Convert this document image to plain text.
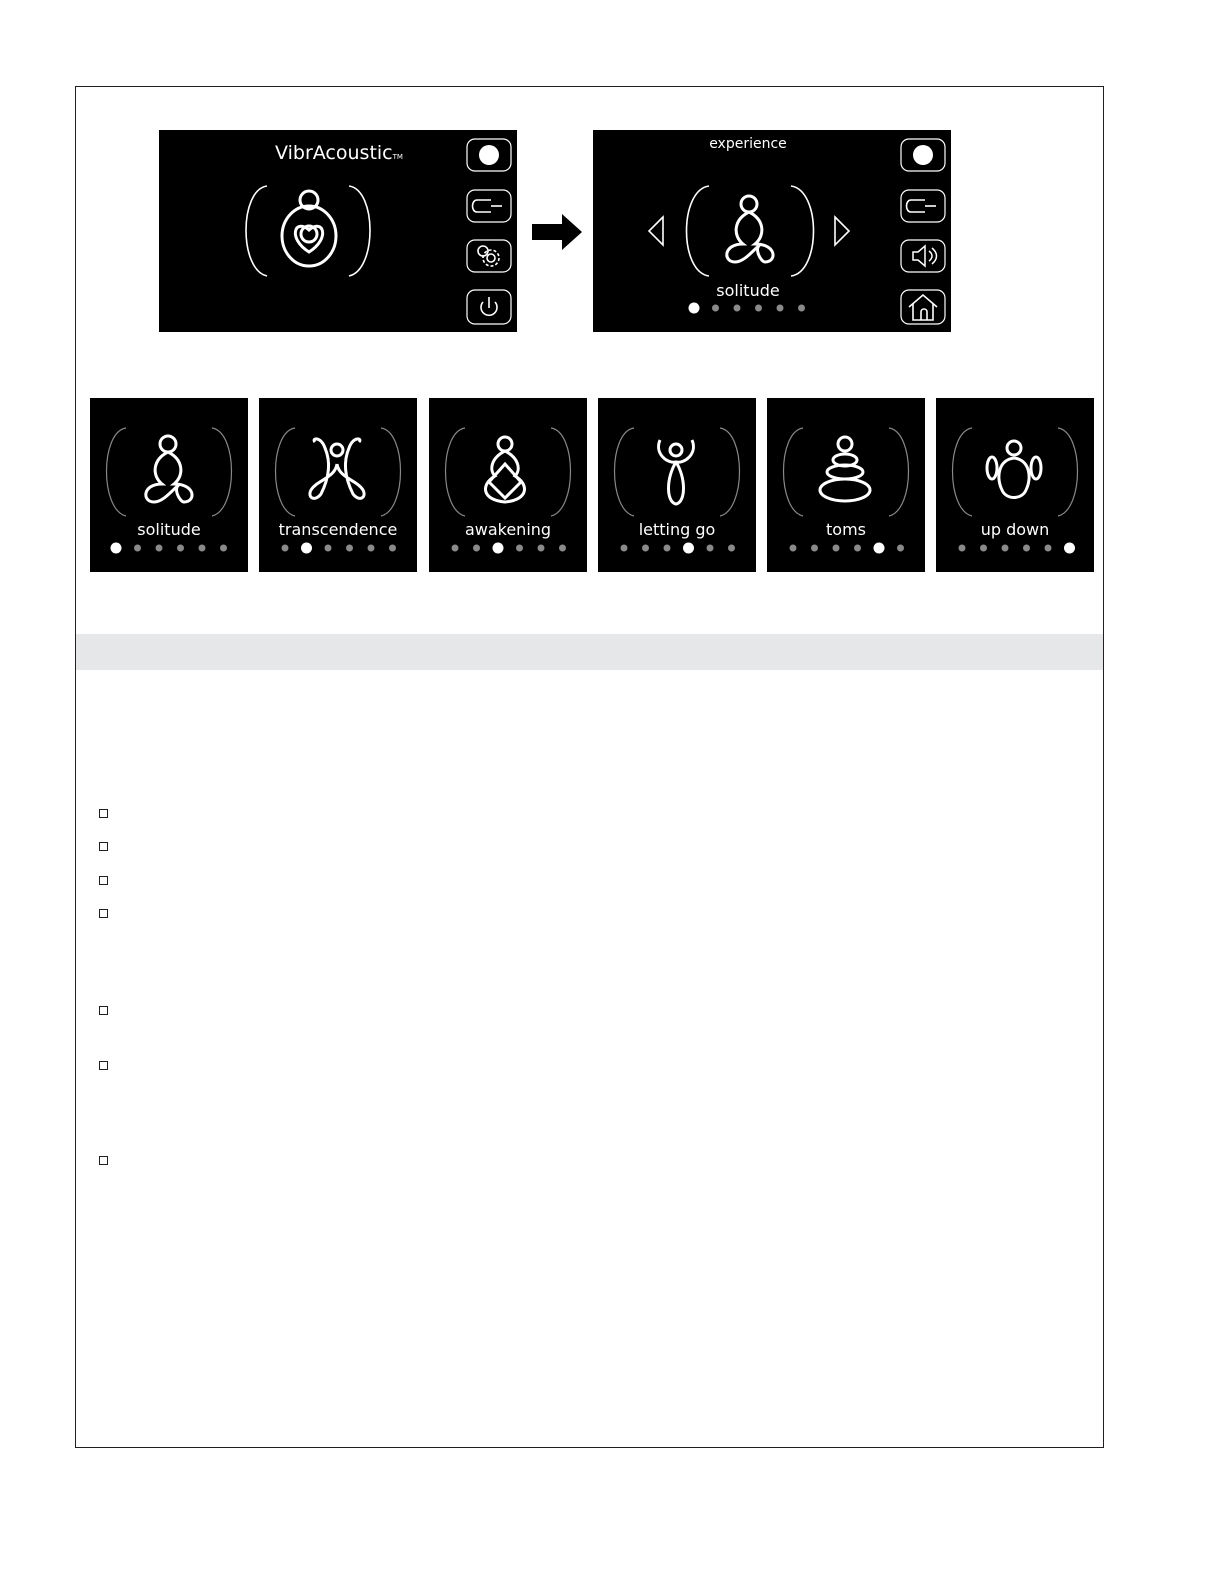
VibrAcousticTM
experience
solitude
solitude	transcendence	awakening	letting go	toms	up down
